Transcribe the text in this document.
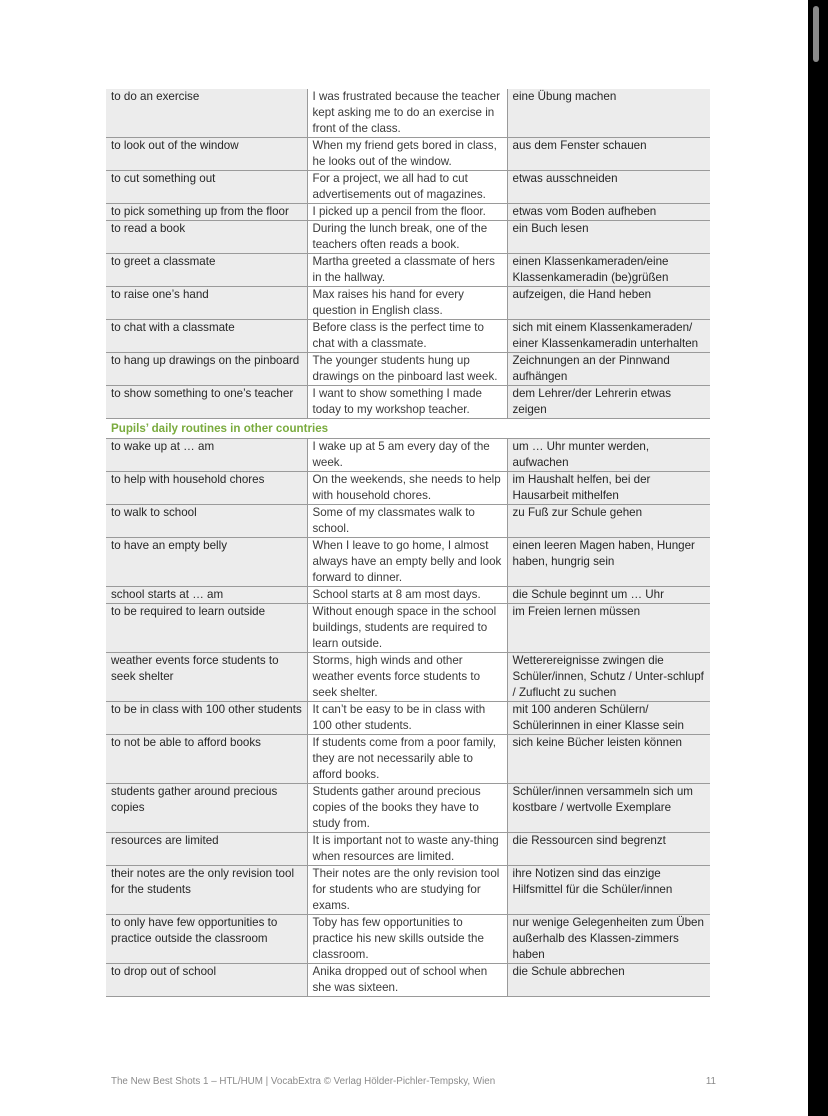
to do an exercise	I was frustrated because the teacher kept asking me to do an exercise in front of the class.	eine Übung machen
to look out of the window	When my friend gets bored in class, he looks out of the window.	aus dem Fenster schauen
to cut something out	For a project, we all had to cut advertisements out of magazines.	etwas ausschneiden
to pick something up from the floor	I picked up a pencil from the floor.	etwas vom Boden aufheben
to read a book	During the lunch break, one of the teachers often reads a book.	ein Buch lesen
to greet a classmate	Martha greeted a classmate of hers in the hallway.	einen Klassenkameraden/eine Klassenkameradin (be)grüßen
to raise one’s hand	Max raises his hand for every question in English class.	aufzeigen, die Hand heben
to chat with a classmate	Before class is the perfect time to chat with a classmate.	sich mit einem Klassenkameraden/ einer Klassenkameradin unterhalten
to hang up drawings on the pinboard	The younger students hung up drawings on the pinboard last week.	Zeichnungen an der Pinnwand aufhängen
to show something to one’s teacher	I want to show something I made today to my workshop teacher.	dem Lehrer/der Lehrerin etwas zeigen
Pupils’ daily routines in other countries		
to wake up at … am	I wake up at 5 am every day of the week.	um … Uhr munter werden, aufwachen
to help with household chores	On the weekends, she needs to help with household chores.	im Haushalt helfen, bei der Hausarbeit mithelfen
to walk to school	Some of my classmates walk to school.	zu Fuß zur Schule gehen
to have an empty belly	When I leave to go home, I almost always have an empty belly and look forward to dinner.	einen leeren Magen haben, Hunger haben, hungrig sein
school starts at … am	School starts at 8 am most days.	die Schule beginnt um … Uhr
to be required to learn outside	Without enough space in the school buildings, students are required to learn outside.	im Freien lernen müssen
weather events force students to seek shelter	Storms, high winds and other weather events force students to seek shelter.	Wetterereignisse zwingen die Schüler/innen, Schutz / Unter-schlupf / Zuflucht zu suchen
to be in class with 100 other students	It can’t be easy to be in class with 100 other students.	mit 100 anderen Schülern/ Schülerinnen in einer Klasse sein
to not be able to afford books	If students come from a poor family, they are not necessarily able to afford books.	sich keine Bücher leisten können
students gather around precious copies	Students gather around precious copies of the books they have to study from.	Schüler/innen versammeln sich um kostbare / wertvolle Exemplare
resources are limited	It is important not to waste any-thing when resources are limited.	die Ressourcen sind begrenzt
their notes are the only revision tool for the students	Their notes are the only revision tool for students who are studying for exams.	ihre Notizen sind das einzige Hilfsmittel für die Schüler/innen
to only have few opportunities to practice outside the classroom	Toby has few opportunities to practice his new skills outside the classroom.	nur wenige Gelegenheiten zum Üben außerhalb des Klassen-zimmers haben
to drop out of school	Anika dropped out of school when she was sixteen.	die Schule abbrechen
The New Best Shots 1 – HTL/HUM | VocabExtra © Verlag Hölder-Pichler-Tempsky, Wien	11
